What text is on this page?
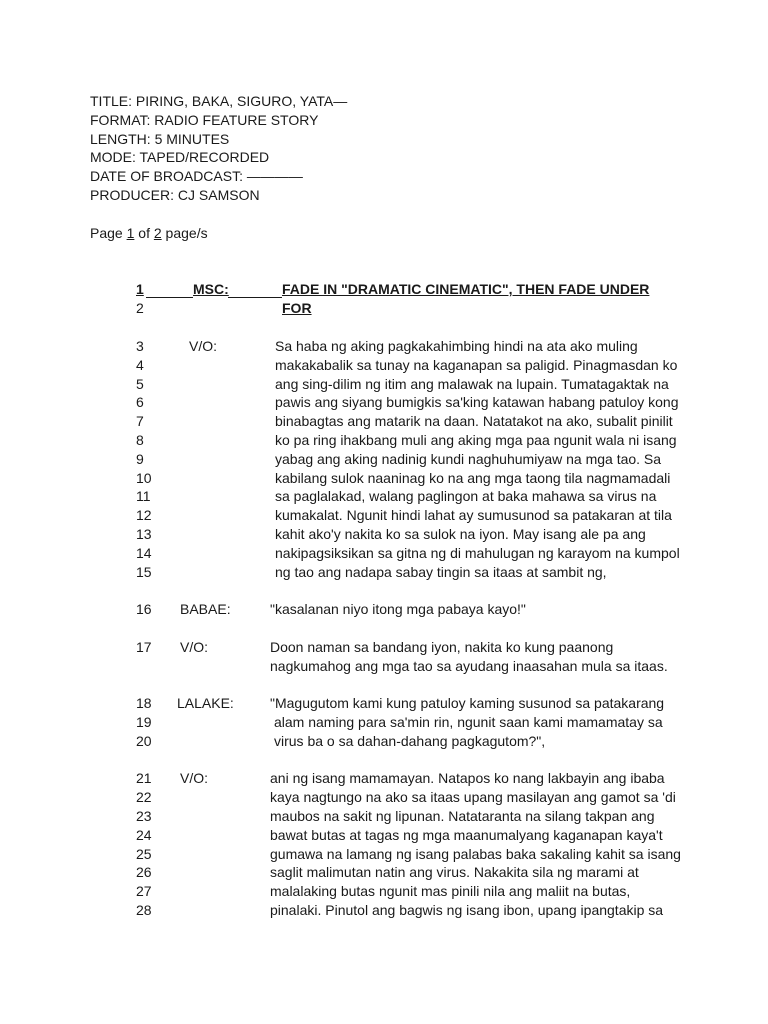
TITLE: PIRING, BAKA, SIGURO, YATA—
FORMAT: RADIO FEATURE STORY
LENGTH: 5 MINUTES
MODE: TAPED/RECORDED
DATE OF BROADCAST: ————
PRODUCER: CJ SAMSON
Page 1 of 2 page/s
1	MSC:	FADE IN "DRAMATIC CINEMATIC", THEN FADE UNDER
2	FOR
3	V/O:	Sa haba ng aking pagkakahimbing hindi na ata ako muling
4	makakabalik sa tunay na kaganapan sa paligid. Pinagmasdan ko
5	ang sing-dilim ng itim ang malawak na lupain. Tumatagaktak na
6	pawis ang siyang bumigkis sa'king katawan habang patuloy kong
7	binabagtas ang matarik na daan. Natatakot na ako, subalit pinilit
8	ko pa ring ihakbang muli ang aking mga paa ngunit wala ni isang
9	yabag ang aking nadinig kundi naghuhumiyaw na mga tao. Sa
10	kabilang sulok naaninag ko na ang mga taong tila nagmamadali
11	sa paglalakad, walang paglingon at baka mahawa sa virus na
12	kumakalat. Ngunit hindi lahat ay sumusunod sa patakaran at tila
13	kahit ako'y nakita ko sa sulok na iyon. May isang ale pa ang
14	nakipagsiksikan sa gitna ng di mahulugan ng karayom na kumpol
15	ng tao ang nadapa sabay tingin sa itaas at sambit ng,
16 BABAE:	"kasalanan niyo itong mga pabaya kayo!"
17 V/O:	Doon naman sa bandang iyon, nakita ko kung paanong
nagkumahog ang mga tao sa ayudang inaasahan mula sa itaas.
18 LALAKE:	"Magugutom kami kung patuloy kaming susunod sa patakarang
19	alam naming para sa'min rin, ngunit saan kami mamamatay sa
20	virus ba o sa dahan-dahang pagkagutom?",
21 V/O:	ani ng isang mamamayan. Natapos ko nang lakbayin ang ibaba
22	kaya nagtungo na ako sa itaas upang masilayan ang gamot sa 'di
23	maubos na sakit ng lipunan. Natataranta na silang takpan ang
24	bawat butas at tagas ng mga maanumalyang kaganapan kaya't
25	gumawa na lamang ng isang palabas baka sakaling kahit sa isang
26	saglit malimutan natin ang virus. Nakakita sila ng marami at
27	malalaking butas ngunit mas pinili nila ang maliit na butas,
28	pinalaki. Pinutol ang bagwis ng isang ibon, upang ipangtakip sa
